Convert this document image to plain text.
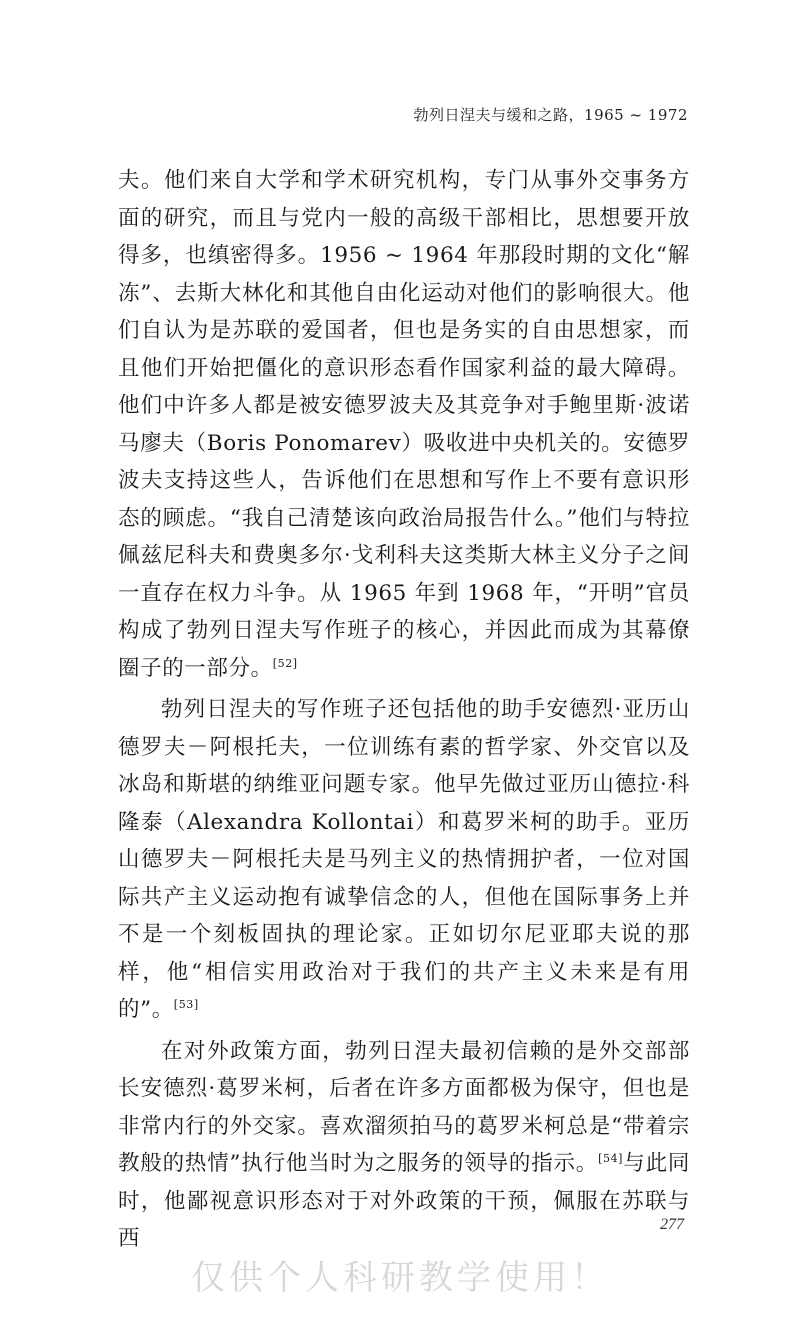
勃列日涅夫与缓和之路，1965 ~ 1972

夫。他们来自大学和学术研究机构，专门从事外交事务方面的研究，而且与党内一般的高级干部相比，思想要开放得多，也缜密得多。1956 ~ 1964 年那段时期的文化“解冻”、去斯大林化和其他自由化运动对他们的影响很大。他们自认为是苏联的爱国者，但也是务实的自由思想家，而且他们开始把僵化的意识形态看作国家利益的最大障碍。他们中许多人都是被安德罗波夫及其竞争对手鲍里斯·波诺马廖夫（Boris Ponomarev）吸收进中央机关的。安德罗波夫支持这些人，告诉他们在思想和写作上不要有意识形态的顾虑。“我自己清楚该向政治局报告什么。”他们与特拉佩兹尼科夫和费奥多尔·戈利科夫这类斯大林主义分子之间一直存在权力斗争。从 1965 年到 1968 年，“开明”官员构成了勃列日涅夫写作班子的核心，并因此而成为其幕僚圈子的一部分。[52]

勃列日涅夫的写作班子还包括他的助手安德烈·亚历山德罗夫－阿根托夫，一位训练有素的哲学家、外交官以及冰岛和斯堪的纳维亚问题专家。他早先做过亚历山德拉·科隆泰（Alexandra Kollontai）和葛罗米柯的助手。亚历山德罗夫－阿根托夫是马列主义的热情拥护者，一位对国际共产主义运动抱有诚挚信念的人，但他在国际事务上并不是一个刻板固执的理论家。正如切尔尼亚耶夫说的那样，他“相信实用政治对于我们的共产主义未来是有用的”。[53]

在对外政策方面，勃列日涅夫最初信赖的是外交部部长安德烈·葛罗米柯，后者在许多方面都极为保守，但也是非常内行的外交家。喜欢溜须拍马的葛罗米柯总是“带着宗教般的热情”执行他当时为之服务的领导的指示。[54]与此同时，他鄙视意识形态对于对外政策的干预，佩服在苏联与西

277
仅供个人科研教学使用！
